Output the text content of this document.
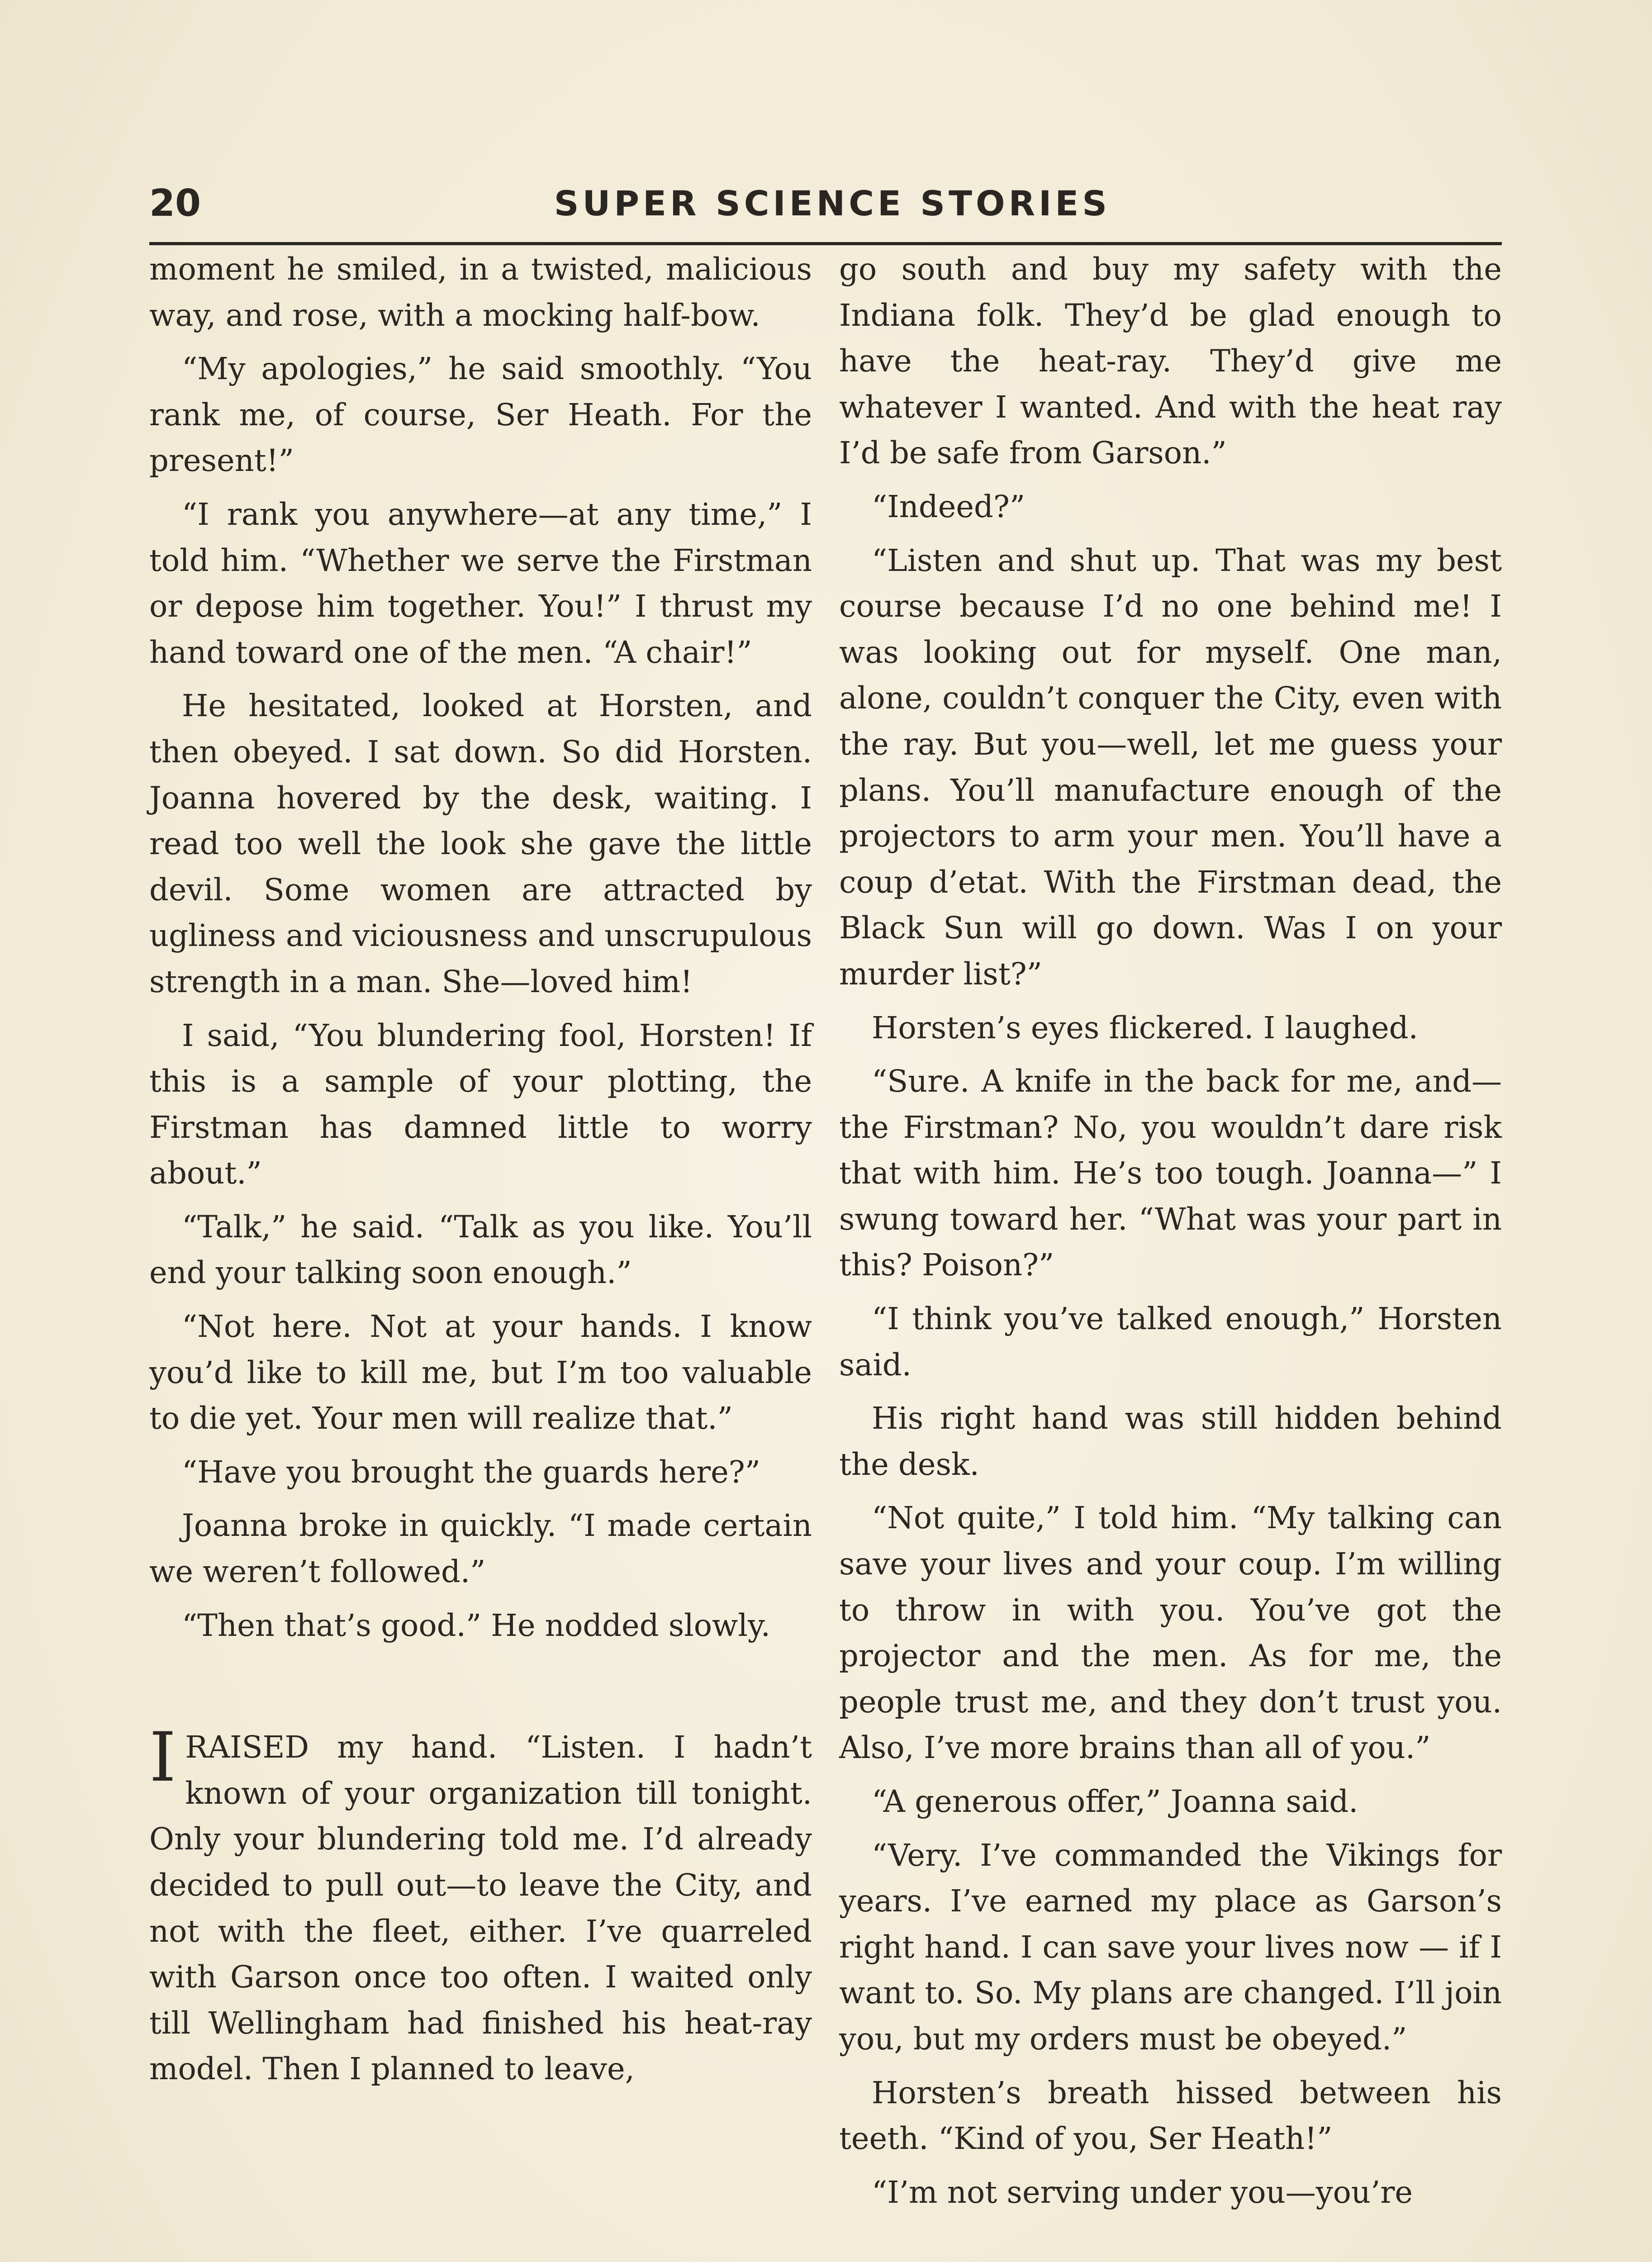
20	SUPER SCIENCE STORIES

moment he smiled, in a twisted, malicious way, and rose, with a mocking half-bow.

“My apologies,” he said smoothly. “You rank me, of course, Ser Heath. For the present!”

“I rank you anywhere—at any time,” I told him. “Whether we serve the Firstman or depose him together. You!” I thrust my hand toward one of the men. “A chair!”

He hesitated, looked at Horsten, and then obeyed. I sat down. So did Horsten. Joanna hovered by the desk, waiting. I read too well the look she gave the little devil. Some women are attracted by ugliness and viciousness and unscrupulous strength in a man. She—loved him!

I said, “You blundering fool, Horsten! If this is a sample of your plotting, the Firstman has damned little to worry about.”

“Talk,” he said. “Talk as you like. You’ll end your talking soon enough.”

“Not here. Not at your hands. I know you’d like to kill me, but I’m too valuable to die yet. Your men will realize that.”

“Have you brought the guards here?”

Joanna broke in quickly. “I made certain we weren’t followed.”

“Then that’s good.” He nodded slowly.

IRAISED my hand. “Listen. I hadn’t known of your organization till tonight. Only your blundering told me. I’d already decided to pull out—to leave the City, and not with the fleet, either. I’ve quarreled with Garson once too often. I waited only till Wellingham had finished his heat-ray model. Then I planned to leave,

go south and buy my safety with the Indiana folk. They’d be glad enough to have the heat-ray. They’d give me whatever I wanted. And with the heat ray I’d be safe from Garson.”

“Indeed?”

“Listen and shut up. That was my best course because I’d no one behind me! I was looking out for myself. One man, alone, couldn’t conquer the City, even with the ray. But you—well, let me guess your plans. You’ll manufacture enough of the projectors to arm your men. You’ll have a coup d’etat. With the Firstman dead, the Black Sun will go down. Was I on your murder list?”

Horsten’s eyes flickered. I laughed.

“Sure. A knife in the back for me, and—the Firstman? No, you wouldn’t dare risk that with him. He’s too tough. Joanna—” I swung toward her. “What was your part in this? Poison?”

“I think you’ve talked enough,” Horsten said.

His right hand was still hidden behind the desk.

“Not quite,” I told him. “My talking can save your lives and your coup. I’m willing to throw in with you. You’ve got the projector and the men. As for me, the people trust me, and they don’t trust you. Also, I’ve more brains than all of you.”

“A generous offer,” Joanna said.

“Very. I’ve commanded the Vikings for years. I’ve earned my place as Garson’s right hand. I can save your lives now — if I want to. So. My plans are changed. I’ll join you, but my orders must be obeyed.”

Horsten’s breath hissed between his teeth. “Kind of you, Ser Heath!”

“I’m not serving under you—you’re
